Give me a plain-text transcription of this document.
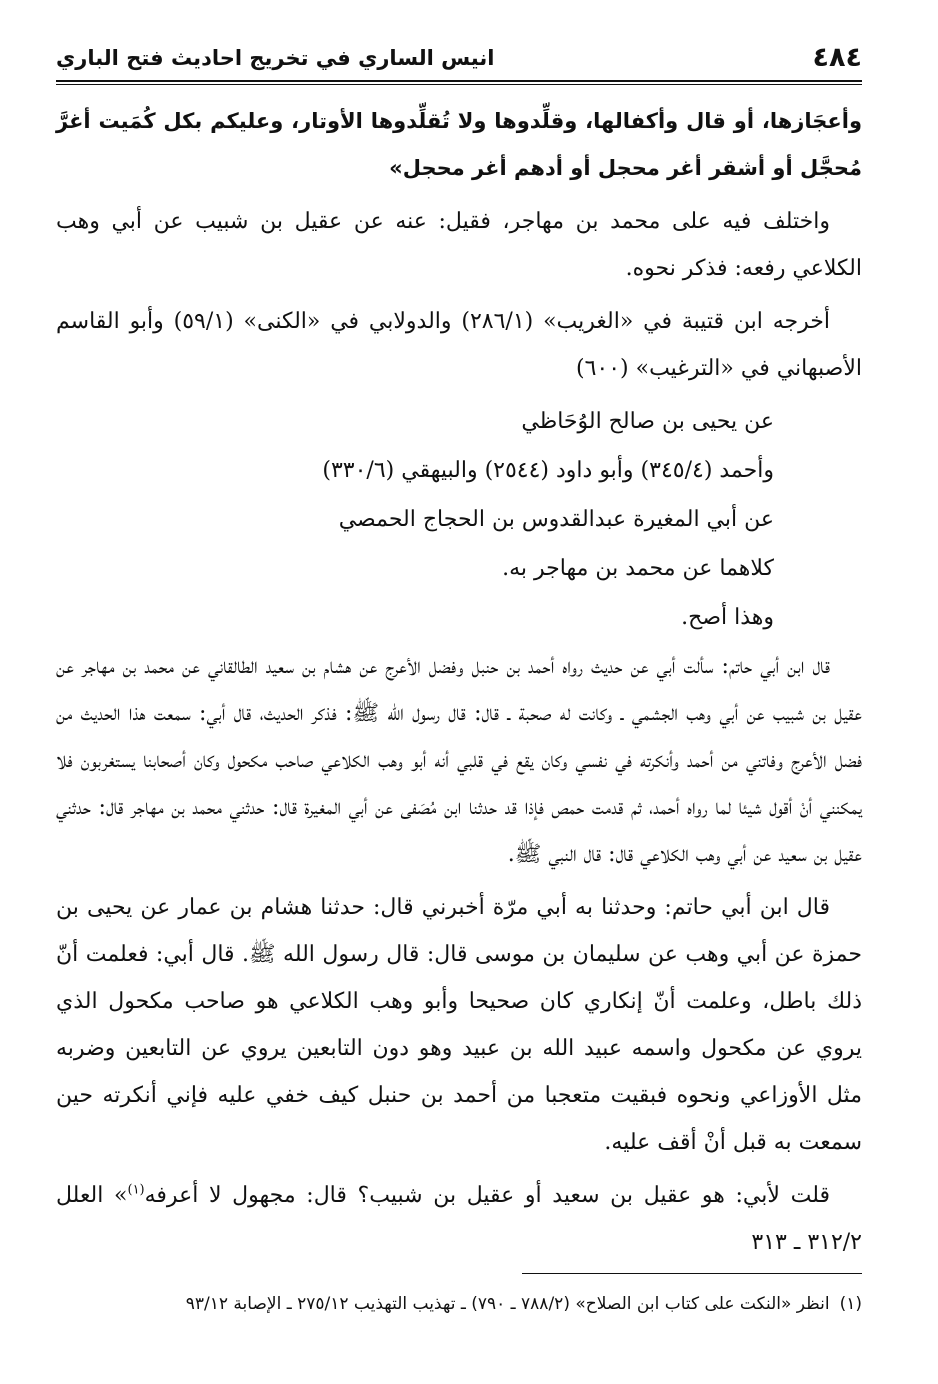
٤٨٤
انيس الساري في تخريج احاديث فتح الباري

وأعجَازها، أو قال وأكفالها، وقلِّدوها ولا تُقلِّدوها الأوتار، وعليكم بكل كُمَيت أغرَّ مُحجَّل أو أشقر أغر محجل أو أدهم أغر محجل»

واختلف فيه على محمد بن مهاجر، فقيل: عنه عن عقيل بن شبيب عن أبي وهب الكلاعي رفعه: فذكر نحوه.

أخرجه ابن قتيبة في «الغريب» (٢٨٦/١) والدولابي في «الكنى» (٥٩/١) وأبو القاسم الأصبهاني في «الترغيب» (٦٠٠)

عن يحيى بن صالح الوُحَاظي

وأحمد (٣٤٥/٤) وأبو داود (٢٥٤٤) والبيهقي (٣٣٠/٦)

عن أبي المغيرة عبدالقدوس بن الحجاج الحمصي

كلاهما عن محمد بن مهاجر به.

وهذا أصح.

قال ابن أبي حاتم: سألت أبي عن حديث رواه أحمد بن حنبل وفضل الأعرج عن هشام بن سعيد الطالقاني عن محمد بن مهاجر عن عقيل بن شبيب عن أبي وهب الجشمي ـ وكانت له صحبة ـ قال: قال رسول الله ﷺ: فذكر الحديث، قال أبي: سمعت هذا الحديث من فضل الأعرج وفاتني من أحمد وأنكرته في نفسي وكان يقع في قلبي أنه أبو وهب الكلاعي صاحب مكحول وكان أصحابنا يستغربون فلا يمكنني أنْ أقول شيئا لما رواه أحمد، ثم قدمت حمص فإذا قد حدثنا ابن مُصَفى عن أبي المغيرة قال: حدثني محمد بن مهاجر قال: حدثني عقيل بن سعيد عن أبي وهب الكلاعي قال: قال النبي ﷺ.

قال ابن أبي حاتم: وحدثنا به أبي مرّة أخبرني قال: حدثنا هشام بن عمار عن يحيى بن حمزة عن أبي وهب عن سليمان بن موسى قال: قال رسول الله ﷺ. قال أبي: فعلمت أنّ ذلك باطل، وعلمت أنّ إنكاري كان صحيحا وأبو وهب الكلاعي هو صاحب مكحول الذي يروي عن مكحول واسمه عبيد الله بن عبيد وهو دون التابعين يروي عن التابعين وضربه مثل الأوزاعي ونحوه فبقيت متعجبا من أحمد بن حنبل كيف خفي عليه فإني أنكرته حين سمعت به قبل أنْ أقف عليه.

قلت لأبي: هو عقيل بن سعيد أو عقيل بن شبيب؟ قال: مجهول لا أعرفه$^{(١)}$» العلل ٣١٢/٢ ـ ٣١٣

(١)انظر «النكت على كتاب ابن الصلاح» (٧٨٨/٢ ـ ٧٩٠) ـ تهذيب التهذيب ٢٧٥/١٢ ـ الإصابة ٩٣/١٢
